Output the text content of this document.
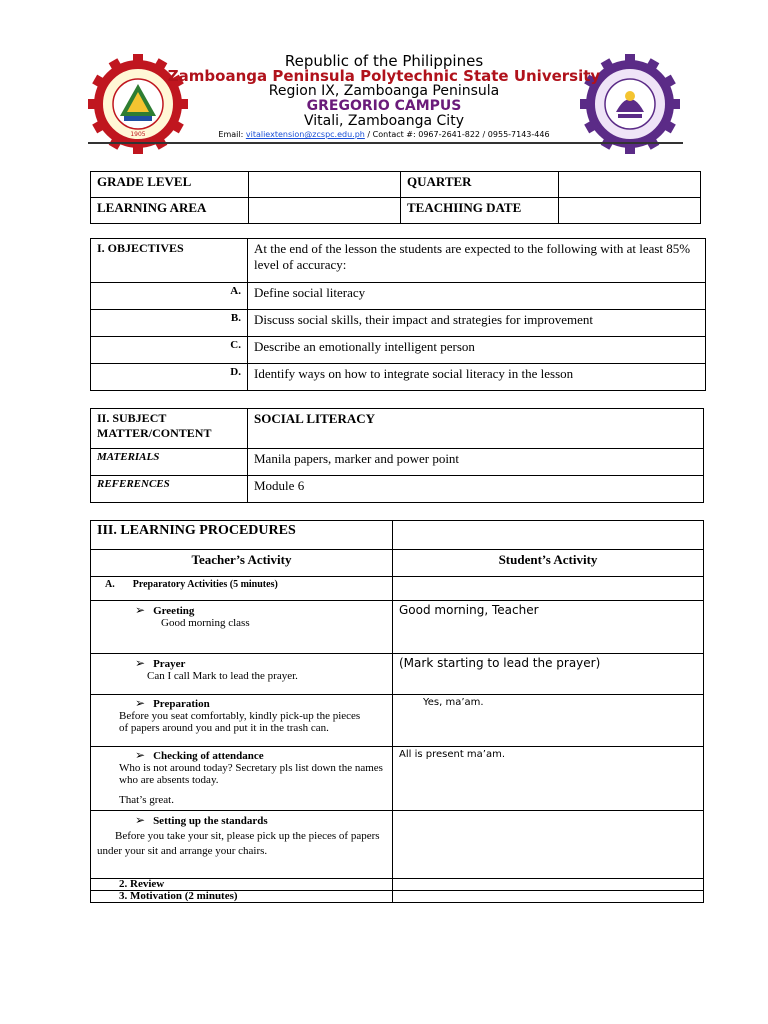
1905
Republic of the Philippines
Zamboanga Peninsula Polytechnic State University
Region IX, Zamboanga Peninsula
GREGORIO CAMPUS
Vitali, Zamboanga City
Email: vitaliextension@zcspc.edu.ph / Contact #: 0967-2641-822 / 0955-7143-446
GRADE LEVEL		QUARTER	
LEARNING AREA		TEACHIING DATE	
I. OBJECTIVES	At the end of the lesson the students are expected to the following with at least 85% level of accuracy:
A.	Define social literacy
B.	Discuss social skills, their impact and strategies for improvement
C.	Describe an emotionally intelligent person
D.	Identify ways on how to integrate social literacy in the lesson
II. SUBJECT
MATTER/CONTENT	SOCIAL LITERACY
MATERIALS	Manila papers, marker and power point
REFERENCES	Module 6
III. LEARNING PROCEDURES	
Teacher’s Activity	Student’s Activity
A. Preparatory Activities (5 minutes)	

➢ Greeting
Good morning class	Good morning, Teacher

➢ Prayer
Can I call Mark to lead the prayer.	(Mark starting to lead the prayer)

➢ Preparation
Before you seat comfortably, kindly pick-up the pieces of papers around you and put it in the trash can.	Yes, ma’am.

➢ Checking of attendance
Who is not around today? Secretary pls list down the names who are absents today.
That’s great.	All is present ma’am.

➢ Setting up the standards
Before you take your sit, please pick up the pieces of papers under your sit and arrange your chairs.	

2. Review	
3. Motivation (2 minutes)	
